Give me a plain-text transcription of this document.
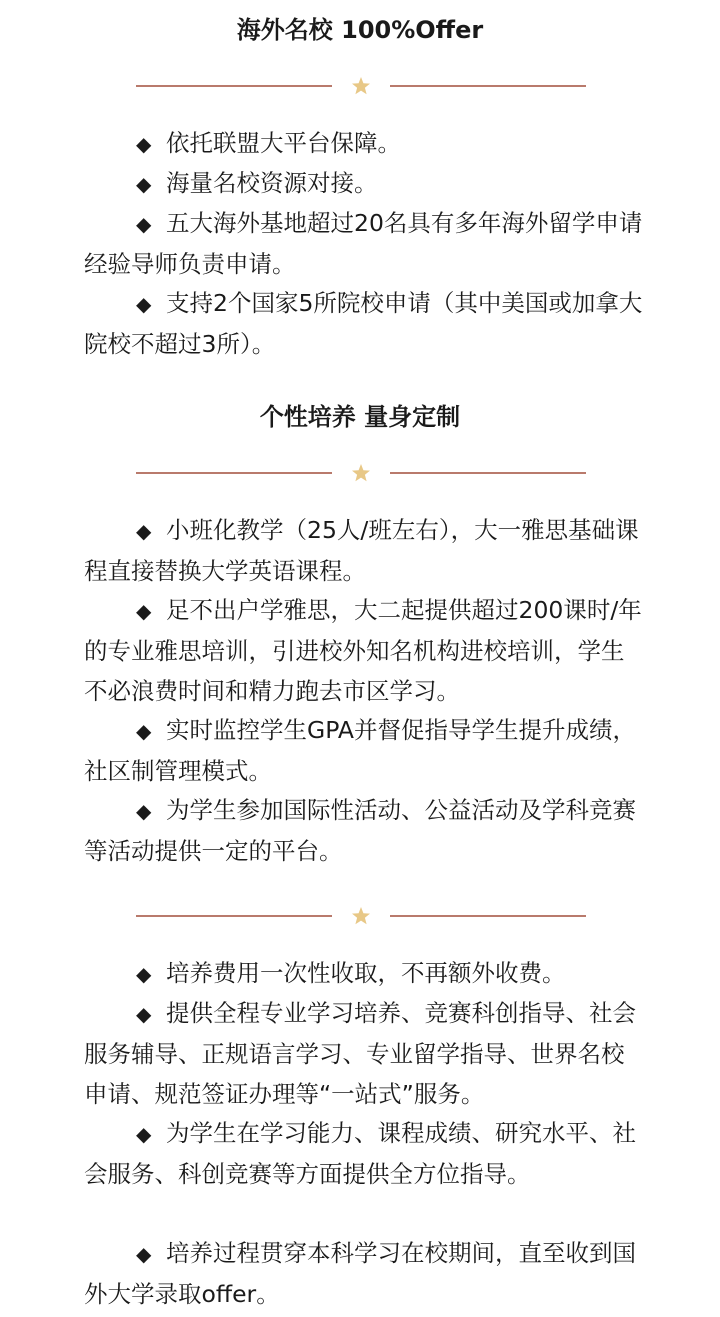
海外名校 100%Offer

◆ 依托联盟大平台保障。

◆ 海量名校资源对接。

◆ 五大海外基地超过20名具有多年海外留学申请经验导师负责申请。

◆ 支持2个国家5所院校申请（其中美国或加拿大院校不超过3所）。

个性培养 量身定制

◆ 小班化教学（25人/班左右），大一雅思基础课程直接替换大学英语课程。

◆ 足不出户学雅思，大二起提供超过200课时/年的专业雅思培训，引进校外知名机构进校培训，学生不必浪费时间和精力跑去市区学习。

◆ 实时监控学生GPA并督促指导学生提升成绩，社区制管理模式。

◆ 为学生参加国际性活动、公益活动及学科竞赛等活动提供一定的平台。

◆ 培养费用一次性收取，不再额外收费。

◆ 提供全程专业学习培养、竞赛科创指导、社会服务辅导、正规语言学习、专业留学指导、世界名校申请、规范签证办理等“一站式”服务。

◆ 为学生在学习能力、课程成绩、研究水平、社会服务、科创竞赛等方面提供全方位指导。

◆ 培养过程贯穿本科学习在校期间，直至收到国外大学录取offer。
